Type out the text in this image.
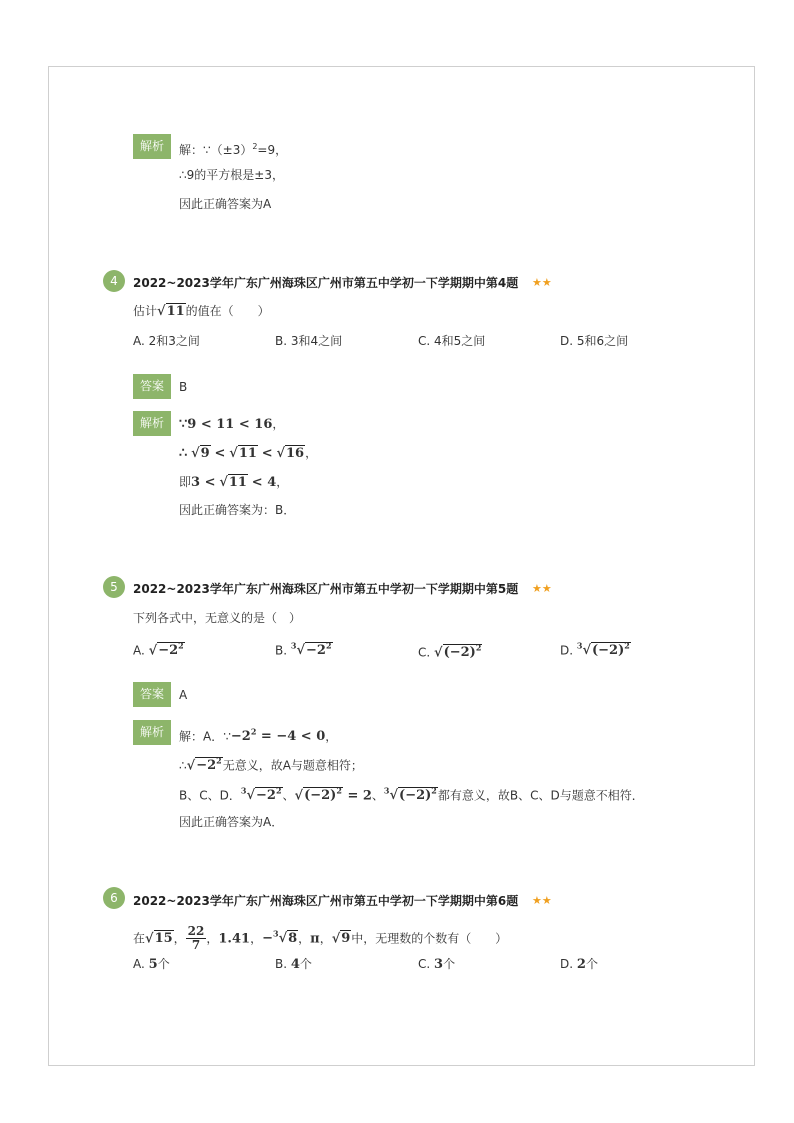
解析	解：$\because(\pm 3)^2=9$，
∴9的平方根是±3，
因此正确答案为A
4	2022~2023学年广东广州海珠区广州市第五中学初一下学期期中第4题 ★★
估计√11的值在（　　）
A. 2和3之间	B. 3和4之间	C. 4和5之间	D. 5和6之间
答案	B
解析	∵9 < 11 < 16，
∴ √9 < √11 < √16，
即3 < √11 < 4，
因此正确答案为：B．
5	2022~2023学年广东广州海珠区广州市第五中学初一下学期期中第5题 ★★
下列各式中，无意义的是（　）
A. $√-2^2$	B. $^3√-2^2$	C. $√(-2)^2$	D. $^3√(-2)^2$
答案	A
解析	解：A．$\because-2^2 = -4 < 0$，
$\therefore√-2^2$无意义，故A与题意相符；
B、C、D．$^3√-2^2$、$√(-2)^2 = 2$、$^3√(-2)^2$都有意义，故B、C、D与题意不相符．
因此正确答案为A．
6	2022~2023学年广东广州海珠区广州市第五中学初一下学期期中第6题 ★★
在√15， $\frac{22}{7}$ ，1.41，−$^3$√8，π，√9中，无理数的个数有（　　）
A. 5个	B. 4个	C. 3个	D. 2个
